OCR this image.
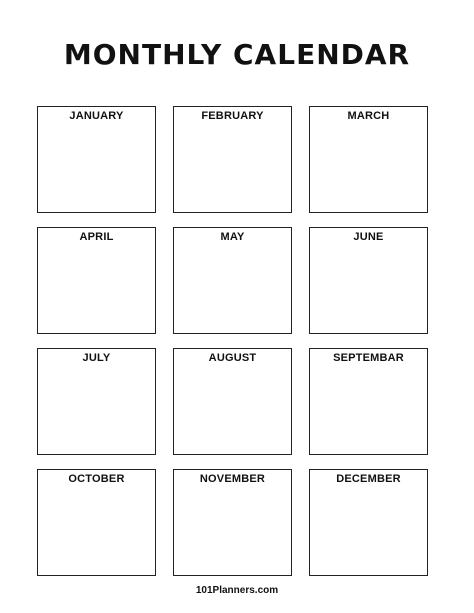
MONTHLY CALENDAR
JANUARY	FEBRUARY	MARCH
APRIL	MAY	JUNE
JULY	AUGUST	SEPTEMBAR
OCTOBER	NOVEMBER	DECEMBER
101Planners.com
